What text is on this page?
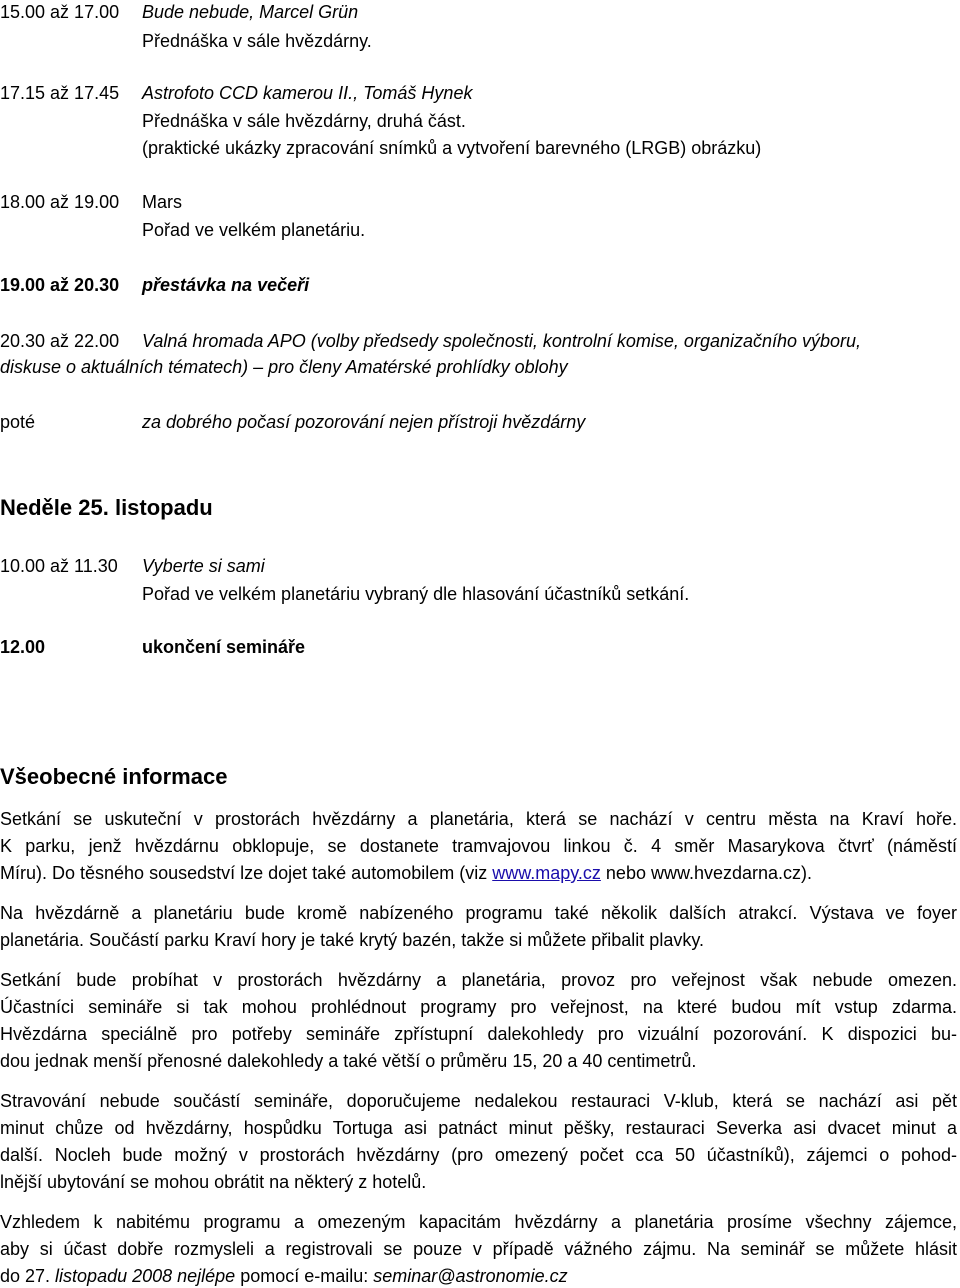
15.00 až 17.00 Bude nebude, Marcel Grün
Přednáška v sále hvězdárny.
17.15 až 17.45 Astrofoto CCD kamerou II., Tomáš Hynek
Přednáška v sále hvězdárny, druhá část.
(praktické ukázky zpracování snímků a vytvoření barevného (LRGB) obrázku)
18.00 až 19.00 Mars
Pořad ve velkém planetáriu.
19.00 až 20.30 přestávka na večeři
20.30 až 22.00 Valná hromada APO (volby předsedy společnosti, kontrolní komise, organizačního výboru,
diskuse o aktuálních tématech) – pro členy Amatérské prohlídky oblohy
poté	za dobrého počasí pozorování nejen přístroji hvězdárny
Neděle 25. listopadu
10.00 až 11.30 Vyberte si sami
Pořad ve velkém planetáriu vybraný dle hlasování účastníků setkání.
12.00	ukončení semináře
Všeobecné informace
Setkání se uskuteční v prostorách hvězdárny a planetária, která se nachází v centru města na Kraví hoře.
K parku, jenž hvězdárnu obklopuje, se dostanete tramvajovou linkou č. 4 směr Masarykova čtvrť (náměstí
Míru). Do těsného sousedství lze dojet také automobilem (viz www.mapy.cz nebo www.hvezdarna.cz).
Na hvězdárně a planetáriu bude kromě nabízeného programu také několik dalších atrakcí. Výstava ve foyer
planetária. Součástí parku Kraví hory je také krytý bazén, takže si můžete přibalit plavky.
Setkání bude probíhat v prostorách hvězdárny a planetária, provoz pro veřejnost však nebude omezen.
Účastníci semináře si tak mohou prohlédnout programy pro veřejnost, na které budou mít vstup zdarma.
Hvězdárna speciálně pro potřeby semináře zpřístupní dalekohledy pro vizuální pozorování. K dispozici bu-
dou jednak menší přenosné dalekohledy a také větší o průměru 15, 20 a 40 centimetrů.
Stravování nebude součástí semináře, doporučujeme nedalekou restauraci V-klub, která se nachází asi pět
minut chůze od hvězdárny, hospůdku Tortuga asi patnáct minut pěšky, restauraci Severka asi dvacet minut a
další. Nocleh bude možný v prostorách hvězdárny (pro omezený počet cca 50 účastníků), zájemci o pohod-
lnější ubytování se mohou obrátit na některý z hotelů.
Vzhledem k nabitému programu a omezeným kapacitám hvězdárny a planetária prosíme všechny zájemce,
aby si účast dobře rozmysleli a registrovali se pouze v případě vážného zájmu. Na seminář se můžete hlásit
do 27. listopadu 2008 nejlépe pomocí e-mailu: seminar@astronomie.cz
